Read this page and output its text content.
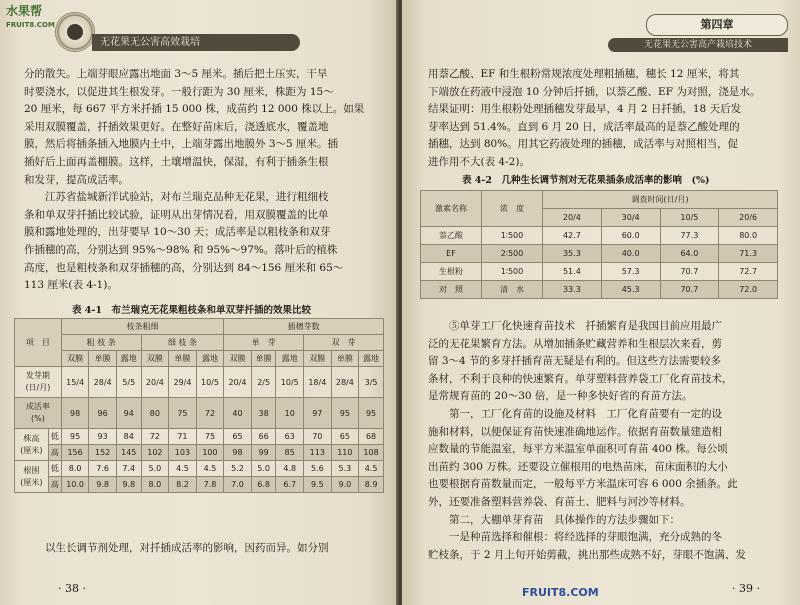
水果帮
FRUIT8.COM
无花果无公害高效栽培

分的散失。上端芽眼应露出地面 3～5 厘米。插后把土压实，干旱

时要浇水，以促进其生根发芽。一般行距为 30 厘米，株距为 15～

20 厘米，每 667 平方米扦插 15 000 株，成苗约 12 000 株以上。如果

采用双膜覆盖，扦插效果更好。在整好苗床后，浇透底水，覆盖地

膜，然后将插条插入地膜内土中，上端芽露出地膜外 3～5 厘米。插

插好后上面再盖棚膜。这样，土壤增温快，保湿，有利于插条生根

和发芽，提高成活率。

江苏省盐城新洋试验站，对布兰瑞克品种无花果，进行粗细枝

条和单双芽扦插比较试验，证明从出芽情况看，用双膜覆盖的比单

膜和露地处理的，出芽要早 10～30 天；成活率是以粗枝条和双芽

作插穗的高，分别达到 95%～98% 和 95%～97%。落叶后的植株

高度，也是粗枝条和双芽插穗的高，分别达到 84～156 厘米和 65～

113 厘米(表 4-1)。

表 4-1　布兰瑞克无花果粗枝条和单双芽扦插的效果比较
项　目		枝条粗细						插穗芽数					
		粗 枝 条			细 枝 条			单　芽			双　芽		
		双膜	单膜	露地	双膜	单膜	露地	双膜	单膜	露地	双膜	单膜	露地
发芽期
(日/月)		15/4	28/4	5/5	20/4	29/4	10/5	20/4	2/5	10/5	18/4	28/4	3/5
成活率
(%)		98	96	94	80	75	72	40	38	10	97	95	95
株高
(厘米)	低	95	93	84	72	71	75	65	66	63	70	65	68
	高	156	152	145	102	103	100	98	99	85	113	110	108
根围
(厘米)	低	8.0	7.6	7.4	5.0	4.5	4.5	5.2	5.0	4.8	5.6	5.3	4.5
	高	10.0	9.8	9.8	8.0	8.2	7.8	7.0	6.8	6.7	9.5	9.0	8.9

以生长调节剂处理，对扦插成活率的影响，因药而异。如分别

· 38 ·
第四章
无花果无公害高产栽培技术

用萘乙酸、EF 和生根粉常规浓度处理粗插穗，穗长 12 厘米，将其

下端放在药液中浸泡 10 分钟后扦插，以萘乙酸、EF 为对照，浇是水。

结果证明：用生根粉处理插穗发芽最早，4 月 2 日扦插，18 天后发

芽率达到 51.4%。直到 6 月 20 日，成活率最高的是萘乙酸处理的

插穗，达到 80%。用其它药液处理的插穗，成活率与对照相当，促

进作用不大(表 4-2)。

表 4-2　几种生长调节剂对无花果插条成活率的影响　(%)
激素名称	浓　度	调查时间(日/月)			
		20/4	30/4	10/5	20/6
萘乙酸	1∶500	42.7	60.0	77.3	80.0
EF	2∶500	35.3	40.0	64.0	71.3
生根粉	1∶500	51.4	57.3	70.7	72.7
对　照	清　水	33.3	45.3	70.7	72.0

⑤单芽工厂化快速育苗技术　扦插繁育是我国目前应用最广

泛的无花果繁育方法。从增加插条贮藏营养和生根层次来看，剪

留 3～4 节的多芽扦插育苗无疑是有利的。但这些方法需要较多

条材，不利于良种的快速繁育。单芽塑料营养袋工厂化育苗技术，

是常规育苗的 20～30 倍，是一种多快好省的育苗方法。

第一，工厂化育苗的设施及材料　工厂化育苗要有一定的设

施和材料，以便保证育苗快速准确地运作。依据育苗数量建造相

应数量的节能温室，每平方米温室单面积可育苗 400 株。每公顷

出苗约 300 万株。还要设立催根用的电热苗床，苗床面积的大小

也要根据育苗数量而定，一般每平方米温床可容 6 000 余插条。此

外，还要准备塑料营养袋、育苗土、肥料与河沙等材料。

第二，大棚单芽育苗　具体操作的方法步骤如下：

一是种苗选择和催根：将经选择的芽眼饱满，充分成熟的冬

贮枝条，于 2 月上旬开始剪截，挑出那些成熟不好，芽眼不饱满、发

· 39 ·
FRUIT8.COM
